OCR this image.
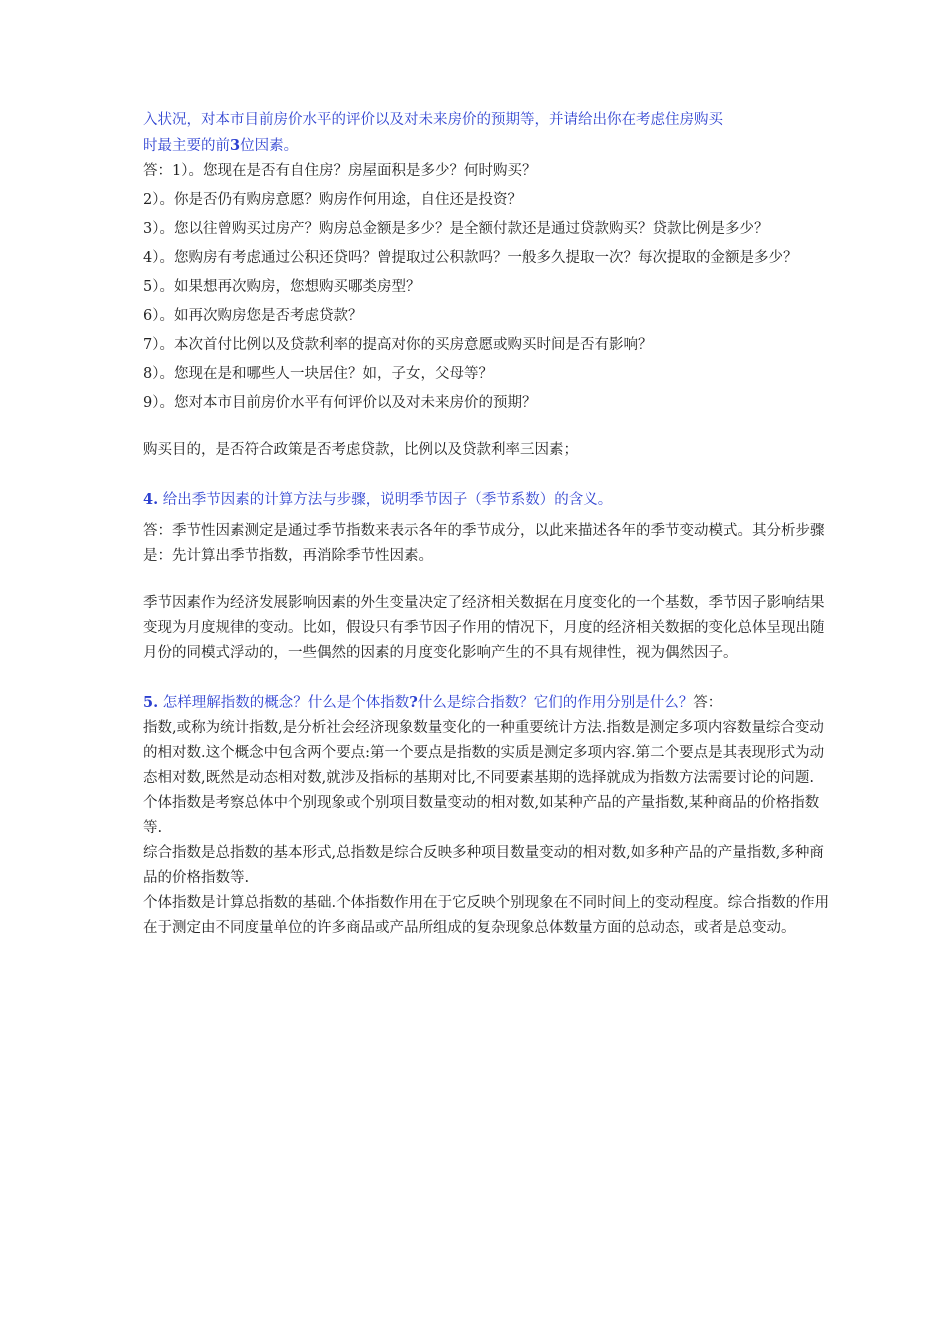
入状况，对本市目前房价水平的评价以及对未来房价的预期等，并请给出你在考虑住房购买
时最主要的前3位因素。

答：1）。您现在是否有自住房？房屋面积是多少？何时购买？

2）。你是否仍有购房意愿？购房作何用途，自住还是投资？

3）。您以往曾购买过房产？购房总金额是多少？是全额付款还是通过贷款购买？贷款比例是多少？

4）。您购房有考虑通过公积还贷吗？曾提取过公积款吗？一般多久提取一次？每次提取的金额是多少？

5）。如果想再次购房，您想购买哪类房型？

6）。如再次购房您是否考虑贷款？

7）。本次首付比例以及贷款利率的提高对你的买房意愿或购买时间是否有影响？

8）。您现在是和哪些人一块居住？如，子女，父母等？

9）。您对本市目前房价水平有何评价以及对未来房价的预期？

购买目的，是否符合政策是否考虑贷款，比例以及贷款利率三因素；

4. 给出季节因素的计算方法与步骤，说明季节因子（季节系数）的含义。

答：季节性因素测定是通过季节指数来表示各年的季节成分，以此来描述各年的季节变动模式。其分析步骤是：先计算出季节指数，再消除季节性因素。

季节因素作为经济发展影响因素的外生变量决定了经济相关数据在月度变化的一个基数，季节因子影响结果变现为月度规律的变动。比如，假设只有季节因子作用的情况下，月度的经济相关数据的变化总体呈现出随月份的同模式浮动的，一些偶然的因素的月度变化影响产生的不具有规律性，视为偶然因子。

5. 怎样理解指数的概念？什么是个体指数?什么是综合指数？它们的作用分别是什么？答：

指数,或称为统计指数,是分析社会经济现象数量变化的一种重要统计方法.指数是测定多项内容数量综合变动的相对数.这个概念中包含两个要点:第一个要点是指数的实质是测定多项内容.第二个要点是其表现形式为动态相对数,既然是动态相对数,就涉及指标的基期对比,不同要素基期的选择就成为指数方法需要讨论的问题.

个体指数是考察总体中个别现象或个别项目数量变动的相对数,如某种产品的产量指数,某种商品的价格指数等.

综合指数是总指数的基本形式,总指数是综合反映多种项目数量变动的相对数,如多种产品的产量指数,多种商品的价格指数等.

个体指数是计算总指数的基础.个体指数作用在于它反映个别现象在不同时间上的变动程度。综合指数的作用在于测定由不同度量单位的许多商品或产品所组成的复杂现象总体数量方面的总动态，或者是总变动。
